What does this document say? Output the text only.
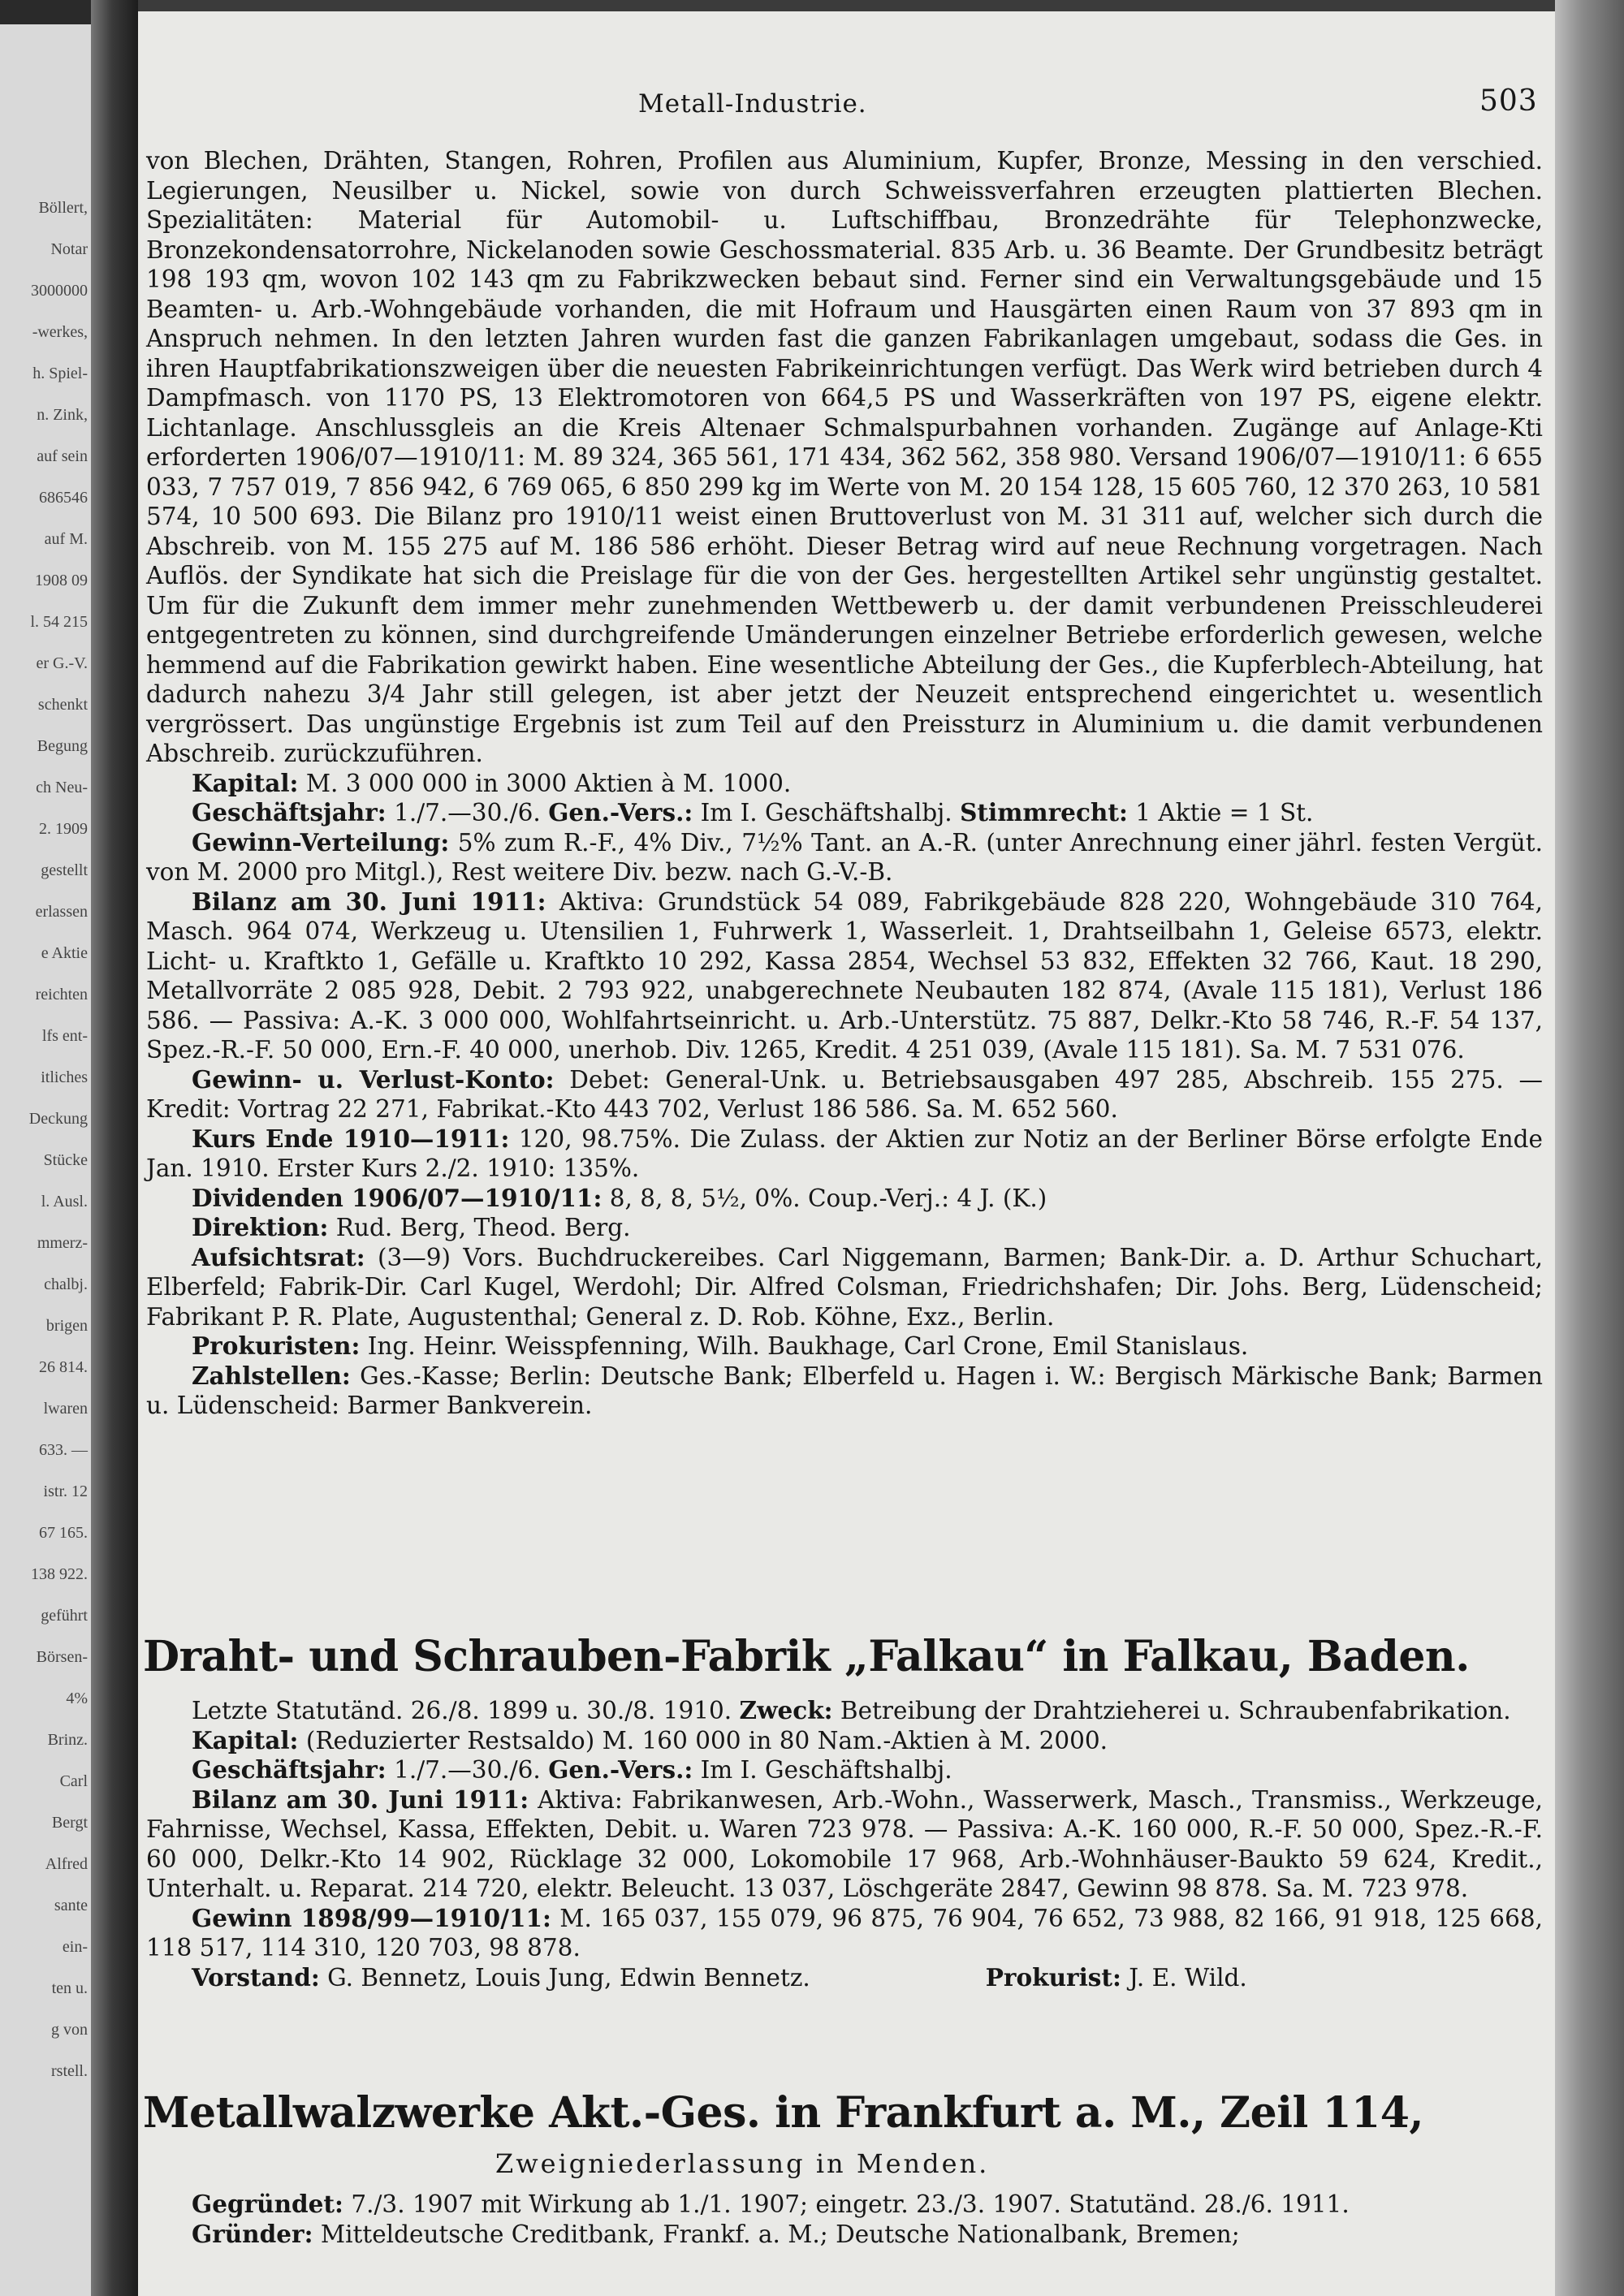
Böllert,
Notar
3000000
-werkes,
h. Spiel-
n. Zink,
auf sein
686546
auf M.
1908 09
l. 54 215
er G.-V.
schenkt
Begung
ch Neu-
2. 1909
gestellt
erlassen
e Aktie
reichten
lfs ent-
itliches
Deckung
Stücke
l. Ausl.
mmerz-
chalbj.
brigen
26 814.
lwaren
633. —
istr. 12
67 165.
138 922.
geführt
Börsen-
4%
Brinz.
Carl
Bergt
Alfred
sante
ein-
ten u.
g von
rstell.
Metall-Industrie.	503

von Blechen, Drähten, Stangen, Rohren, Profilen aus Aluminium, Kupfer, Bronze, Messing in den verschied. Legierungen, Neusilber u. Nickel, sowie von durch Schweissverfahren erzeugten plattierten Blechen. Spezialitäten: Material für Automobil- u. Luftschiffbau, Bronzedrähte für Telephonzwecke, Bronzekondensatorrohre, Nickelanoden sowie Geschossmaterial. 835 Arb. u. 36 Beamte. Der Grundbesitz beträgt 198 193 qm, wovon 102 143 qm zu Fabrikzwecken bebaut sind. Ferner sind ein Verwaltungsgebäude und 15 Beamten- u. Arb.-Wohngebäude vorhanden, die mit Hofraum und Hausgärten einen Raum von 37 893 qm in Anspruch nehmen. In den letzten Jahren wurden fast die ganzen Fabrikanlagen umgebaut, sodass die Ges. in ihren Hauptfabrikationszweigen über die neuesten Fabrikeinrichtungen verfügt. Das Werk wird betrieben durch 4 Dampfmasch. von 1170 PS, 13 Elektromotoren von 664,5 PS und Wasserkräften von 197 PS, eigene elektr. Lichtanlage. Anschlussgleis an die Kreis Altenaer Schmalspurbahnen vorhanden. Zugänge auf Anlage-Kti erforderten 1906/07—1910/11: M. 89 324, 365 561, 171 434, 362 562, 358 980. Versand 1906/07—1910/11: 6 655 033, 7 757 019, 7 856 942, 6 769 065, 6 850 299 kg im Werte von M. 20 154 128, 15 605 760, 12 370 263, 10 581 574, 10 500 693. Die Bilanz pro 1910/11 weist einen Bruttoverlust von M. 31 311 auf, welcher sich durch die Abschreib. von M. 155 275 auf M. 186 586 erhöht. Dieser Betrag wird auf neue Rechnung vorgetragen. Nach Auflös. der Syndikate hat sich die Preislage für die von der Ges. hergestellten Artikel sehr ungünstig gestaltet. Um für die Zukunft dem immer mehr zunehmenden Wettbewerb u. der damit verbundenen Preisschleuderei entgegentreten zu können, sind durchgreifende Umänderungen einzelner Betriebe erforderlich gewesen, welche hemmend auf die Fabrikation gewirkt haben. Eine wesentliche Abteilung der Ges., die Kupferblech-Abteilung, hat dadurch nahezu 3/4 Jahr still gelegen, ist aber jetzt der Neuzeit entsprechend eingerichtet u. wesentlich vergrössert. Das ungünstige Ergebnis ist zum Teil auf den Preissturz in Aluminium u. die damit verbundenen Abschreib. zurückzuführen.

Kapital: M. 3 000 000 in 3000 Aktien à M. 1000.

Geschäftsjahr: 1./7.—30./6. Gen.-Vers.: Im I. Geschäftshalbj. Stimmrecht: 1 Aktie = 1 St.

Gewinn-Verteilung: 5% zum R.-F., 4% Div., 7½% Tant. an A.-R. (unter Anrechnung einer jährl. festen Vergüt. von M. 2000 pro Mitgl.), Rest weitere Div. bezw. nach G.-V.-B.

Bilanz am 30. Juni 1911: Aktiva: Grundstück 54 089, Fabrikgebäude 828 220, Wohngebäude 310 764, Masch. 964 074, Werkzeug u. Utensilien 1, Fuhrwerk 1, Wasserleit. 1, Drahtseilbahn 1, Geleise 6573, elektr. Licht- u. Kraftkto 1, Gefälle u. Kraftkto 10 292, Kassa 2854, Wechsel 53 832, Effekten 32 766, Kaut. 18 290, Metallvorräte 2 085 928, Debit. 2 793 922, unabgerechnete Neubauten 182 874, (Avale 115 181), Verlust 186 586. — Passiva: A.-K. 3 000 000, Wohlfahrtseinricht. u. Arb.-Unterstütz. 75 887, Delkr.-Kto 58 746, R.-F. 54 137, Spez.-R.-F. 50 000, Ern.-F. 40 000, unerhob. Div. 1265, Kredit. 4 251 039, (Avale 115 181). Sa. M. 7 531 076.

Gewinn- u. Verlust-Konto: Debet: General-Unk. u. Betriebsausgaben 497 285, Abschreib. 155 275. — Kredit: Vortrag 22 271, Fabrikat.-Kto 443 702, Verlust 186 586. Sa. M. 652 560.

Kurs Ende 1910—1911: 120, 98.75%. Die Zulass. der Aktien zur Notiz an der Berliner Börse erfolgte Ende Jan. 1910. Erster Kurs 2./2. 1910: 135%.

Dividenden 1906/07—1910/11: 8, 8, 8, 5½, 0%. Coup.-Verj.: 4 J. (K.)

Direktion: Rud. Berg, Theod. Berg.

Aufsichtsrat: (3—9) Vors. Buchdruckereibes. Carl Niggemann, Barmen; Bank-Dir. a. D. Arthur Schuchart, Elberfeld; Fabrik-Dir. Carl Kugel, Werdohl; Dir. Alfred Colsman, Friedrichshafen; Dir. Johs. Berg, Lüdenscheid; Fabrikant P. R. Plate, Augustenthal; General z. D. Rob. Köhne, Exz., Berlin.

Prokuristen: Ing. Heinr. Weisspfenning, Wilh. Baukhage, Carl Crone, Emil Stanislaus.

Zahlstellen: Ges.-Kasse; Berlin: Deutsche Bank; Elberfeld u. Hagen i. W.: Bergisch Märkische Bank; Barmen u. Lüdenscheid: Barmer Bankverein.

Draht- und Schrauben-Fabrik „Falkau“ in Falkau, Baden.

Letzte Statutänd. 26./8. 1899 u. 30./8. 1910. Zweck: Betreibung der Drahtzieherei u. Schraubenfabrikation.

Kapital: (Reduzierter Restsaldo) M. 160 000 in 80 Nam.-Aktien à M. 2000.

Geschäftsjahr: 1./7.—30./6. Gen.-Vers.: Im I. Geschäftshalbj.

Bilanz am 30. Juni 1911: Aktiva: Fabrikanwesen, Arb.-Wohn., Wasserwerk, Masch., Transmiss., Werkzeuge, Fahrnisse, Wechsel, Kassa, Effekten, Debit. u. Waren 723 978. — Passiva: A.-K. 160 000, R.-F. 50 000, Spez.-R.-F. 60 000, Delkr.-Kto 14 902, Rücklage 32 000, Lokomobile 17 968, Arb.-Wohnhäuser-Baukto 59 624, Kredit., Unterhalt. u. Reparat. 214 720, elektr. Beleucht. 13 037, Löschgeräte 2847, Gewinn 98 878. Sa. M. 723 978.

Gewinn 1898/99—1910/11: M. 165 037, 155 079, 96 875, 76 904, 76 652, 73 988, 82 166, 91 918, 125 668, 118 517, 114 310, 120 703, 98 878.

Vorstand: G. Bennetz, Louis Jung, Edwin Bennetz.	Prokurist: J. E. Wild.

Metallwalzwerke Akt.-Ges. in Frankfurt a. M., Zeil 114,
Zweigniederlassung in Menden.

Gegründet: 7./3. 1907 mit Wirkung ab 1./1. 1907; eingetr. 23./3. 1907. Statutänd. 28./6. 1911.

Gründer: Mitteldeutsche Creditbank, Frankf. a. M.; Deutsche Nationalbank, Bremen;
